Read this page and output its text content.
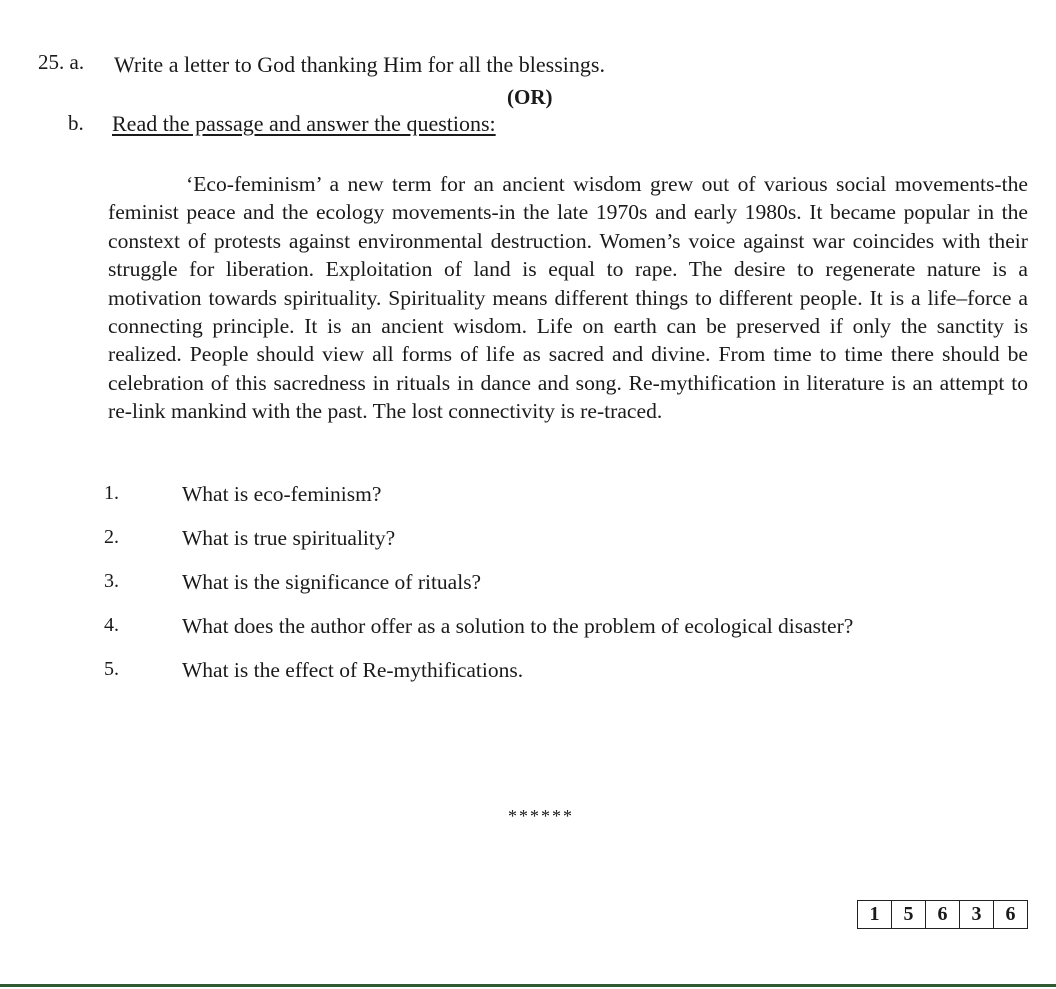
25. a. Write a letter to God thanking Him for all the blessings.
(OR)
b. Read the passage and answer the questions:

‘Eco-feminism’ a new term for an ancient wisdom grew out of various social movements-the feminist peace and the ecology movements-in the late 1970s and early 1980s. It became popular in the constext of protests against environmental destruction. Women’s voice against war coincides with their struggle for liberation. Exploitation of land is equal to rape. The desire to regenerate nature is a motivation towards spirituality. Spirituality means different things to different people. It is a life–force a connecting principle. It is an ancient wisdom. Life on earth can be preserved if only the sanctity is realized. People should view all forms of life as sacred and divine. From time to time there should be celebration of this sacredness in rituals in dance and song. Re-mythification in literature is an attempt to re-link mankind with the past. The lost connectivity is re-traced.

1.	What is eco-feminism?
2.	What is true spirituality?
3.	What is the significance of rituals?
4.	What does the author offer as a solution to the problem of ecological disaster?
5.	What is the effect of Re-mythifications.
******
1	5	6	3	6
